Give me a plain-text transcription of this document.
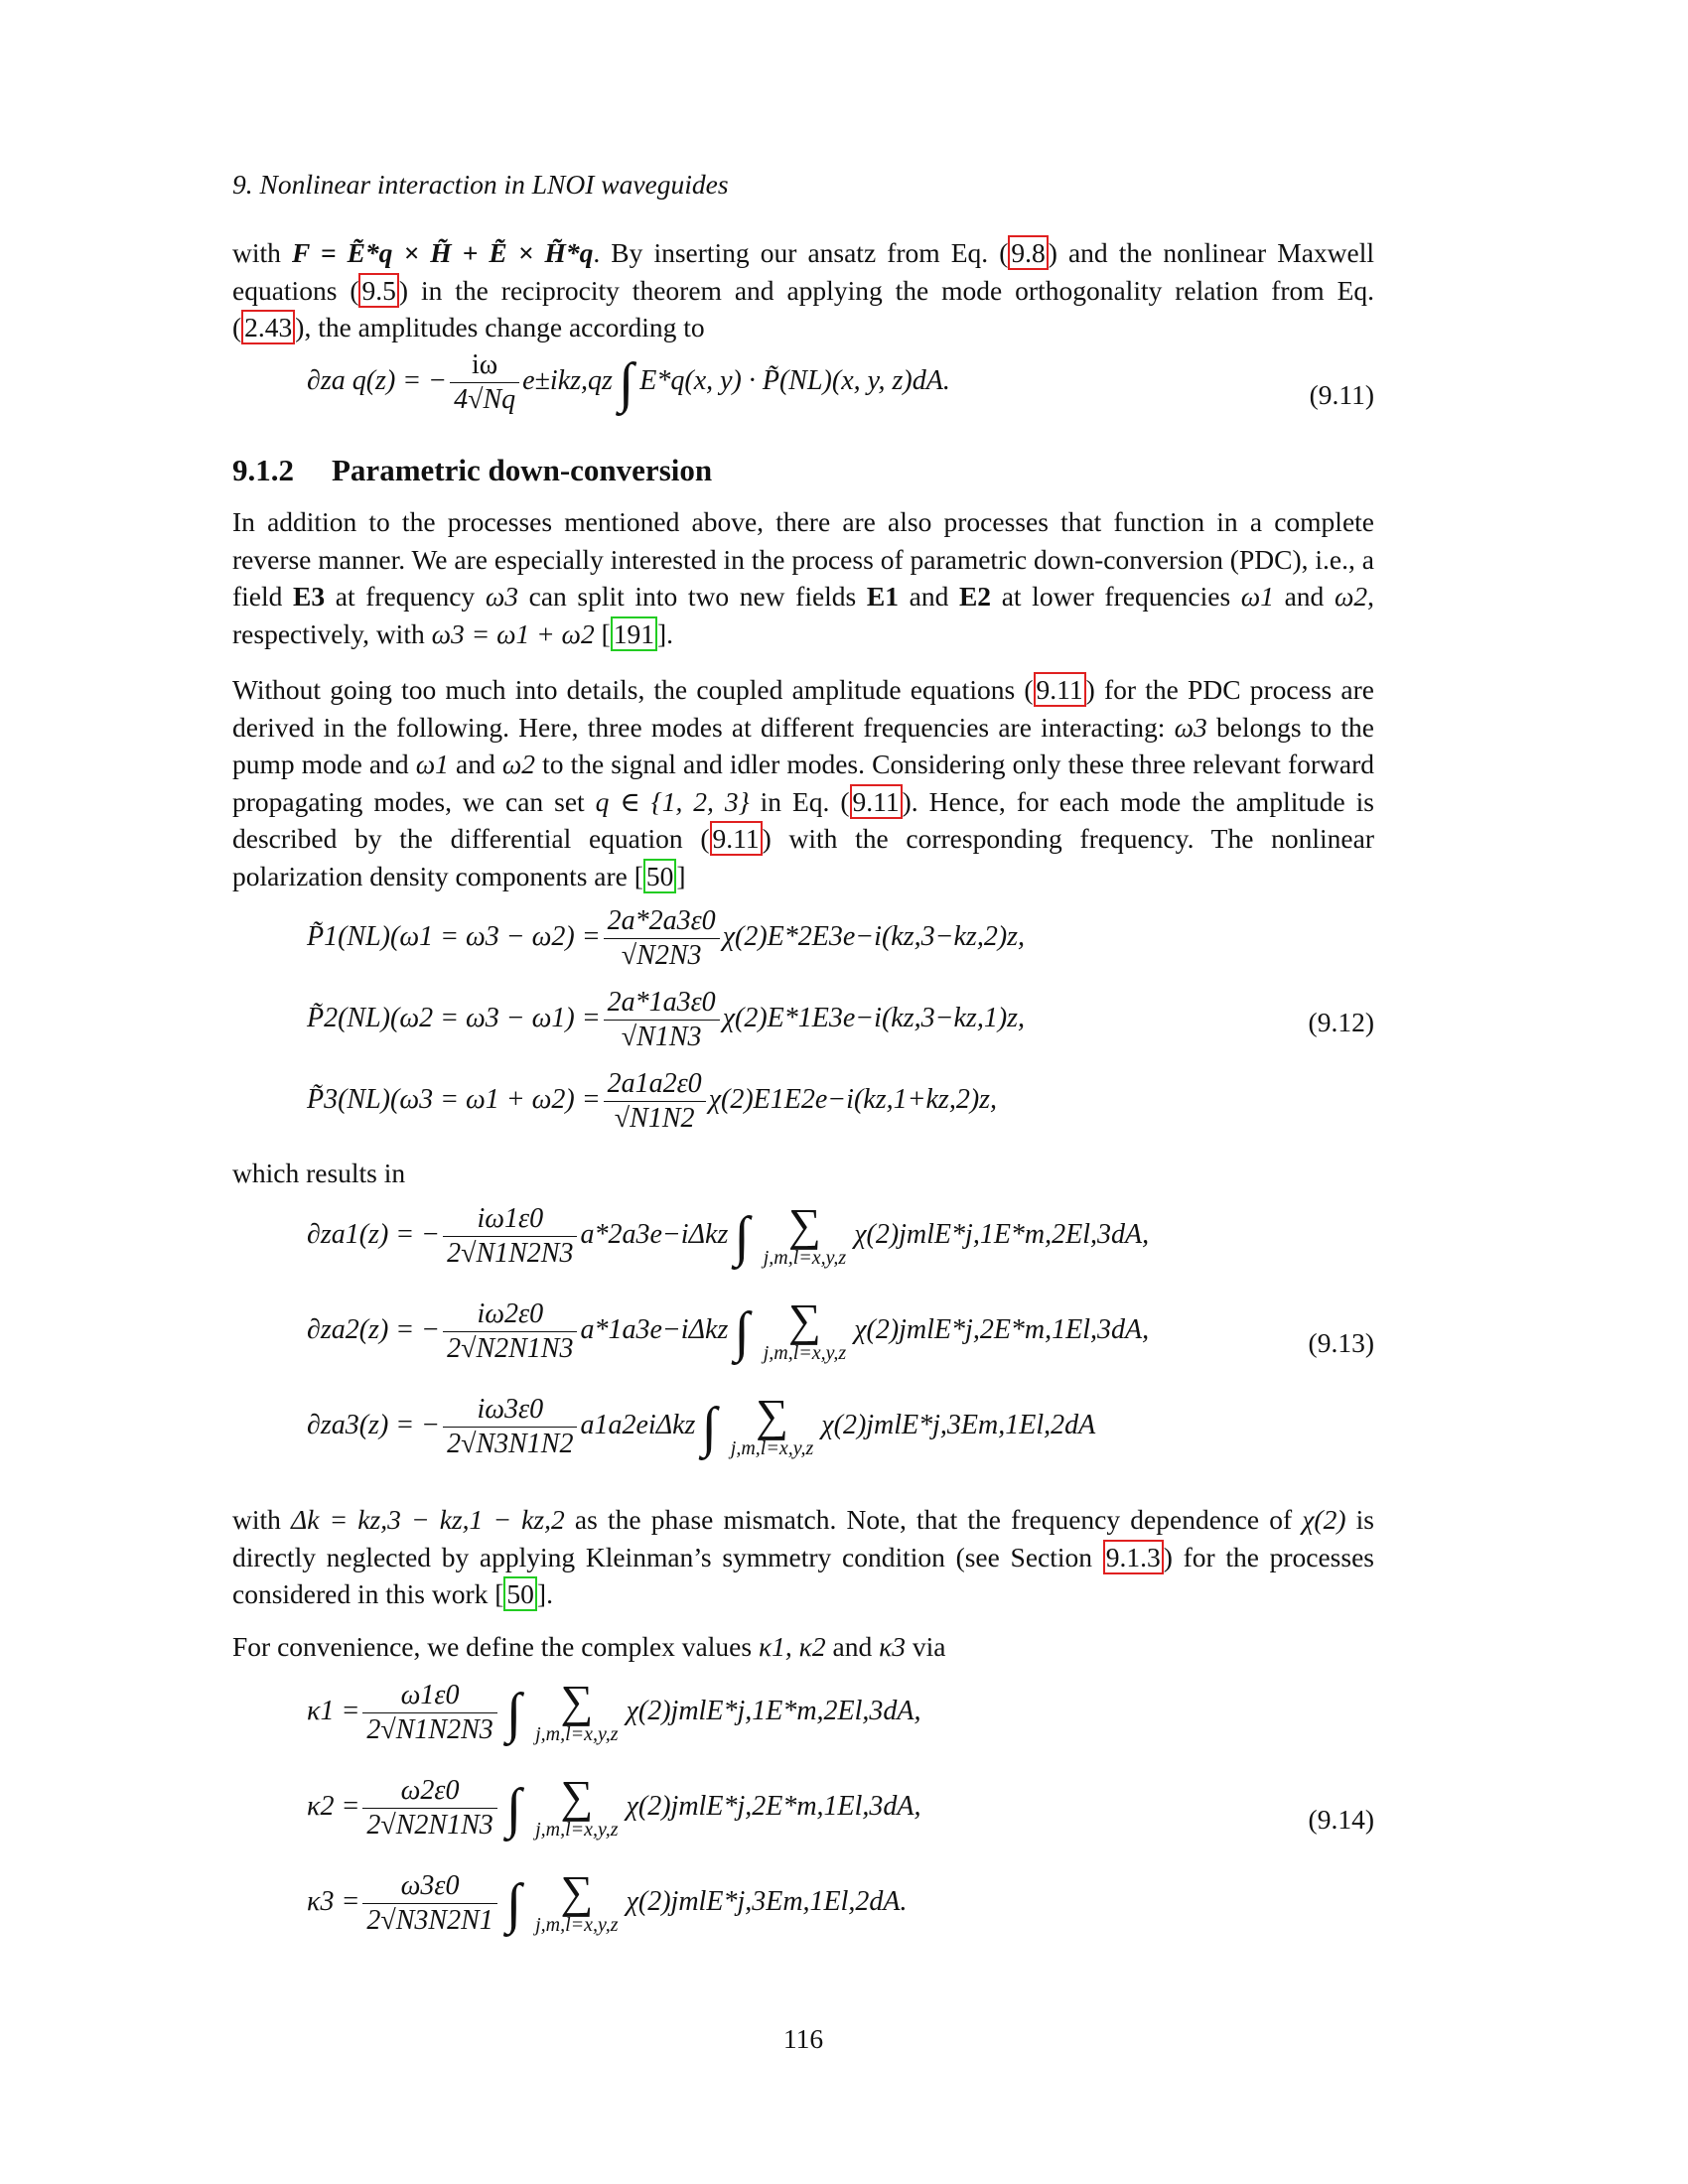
9. Nonlinear interaction in LNOI waveguides
with F = Ẽ*q × H̃ + Ẽ × H̃*q. By inserting our ansatz from Eq. ( 9.8 ) and the nonlinear Maxwell equations ( 9.5 ) in the reciprocity theorem and applying the mode orthogonality relation from Eq. ( 2.43 ), the amplitudes change according to
∂za q(z) = − $\frac{i\omega}{4√Nq} e\pm ikz,qz$ ∫ E*q(x, y) · P̃(NL)(x, y, z)dA.	(9.11)
9.1.2 Parametric down-conversion
In addition to the processes mentioned above, there are also processes that function in a complete reverse manner. We are especially interested in the process of parametric down-conversion (PDC), i.e., a field E3 at frequency ω3 can split into two new fields E1 and E2 at lower frequencies ω1 and ω2, respectively, with ω3 = ω1 + ω2 [ 191 ].
Without going too much into details, the coupled amplitude equations ( 9.11 ) for the PDC process are derived in the following. Here, three modes at different frequencies are interacting: ω3 belongs to the pump mode and ω1 and ω2 to the signal and idler modes. Considering only these three relevant forward propagating modes, we can set q ∈ {1, 2, 3} in Eq. ( 9.11 ). Hence, for each mode the amplitude is described by the differential equation ( 9.11 ) with the corresponding frequency. The nonlinear polarization density components are [ 50 ]
P̃1(NL)(ω1 = $\omega 3 - \omega 2) = \frac{2a*2a3\varepsilon 0}{√N2N3} \chi(2)E*2E3e-i(kz,3-kz,2)z$,
P̃2(NL)(ω2 = $\omega 3 - \omega 1) = \frac{2a*1a3\varepsilon 0}{√N1N3} \chi(2)E*1E3e-i(kz,3-kz,1)z$,
P̃3(NL)(ω3 = $\omega 1 + \omega 2) = \frac{2a1a2\varepsilon 0}{√N1N2} \chi(2)E1E2e-i(kz,1+kz,2)z$,
(9.12)
which results in
∂za1(z) = − $\frac{i\omega 1\varepsilon 0}{2√N1N2N3} a*2a3e-i\Delta kz$ ∫ ∑
j,m,l=x,y,z
χ(2)jmlE*j,1E*m,2El,3dA,
∂za2(z) = − $\frac{i\omega 2\varepsilon 0}{2√N2N1N3} a*1a3e-i\Delta kz$ ∫ ∑
j,m,l=x,y,z
χ(2)jmlE*j,2E*m,1El,3dA,
∂za3(z) = − $\frac{i\omega 3\varepsilon 0}{2√N3N1N2} a1a2ei\Delta kz$ ∫ ∑
j,m,l=x,y,z
χ(2)jmlE*j,3Em,1El,2dA
(9.13)
with Δk = kz,3 − kz,1 − kz,2 as the phase mismatch. Note, that the frequency dependence of χ(2) is directly neglected by applying Kleinman’s symmetry condition (see Section 9.1.3 ) for the processes considered in this work [ 50 ].
For convenience, we define the complex values κ1, κ2 and κ3 via
$\kappa 1 = \frac{\omega 1\varepsilon 0}{2√N1N2N3}$ ∫ ∑
j,m,l=x,y,z
χ(2)jmlE*j,1E*m,2El,3dA,
$\kappa 2 = \frac{\omega 2\varepsilon 0}{2√N2N1N3}$ ∫ ∑
j,m,l=x,y,z
χ(2)jmlE*j,2E*m,1El,3dA,
$\kappa 3 = \frac{\omega 3\varepsilon 0}{2√N3N2N1}$ ∫ ∑
j,m,l=x,y,z
χ(2)jmlE*j,3Em,1El,2dA.
(9.14)
116
